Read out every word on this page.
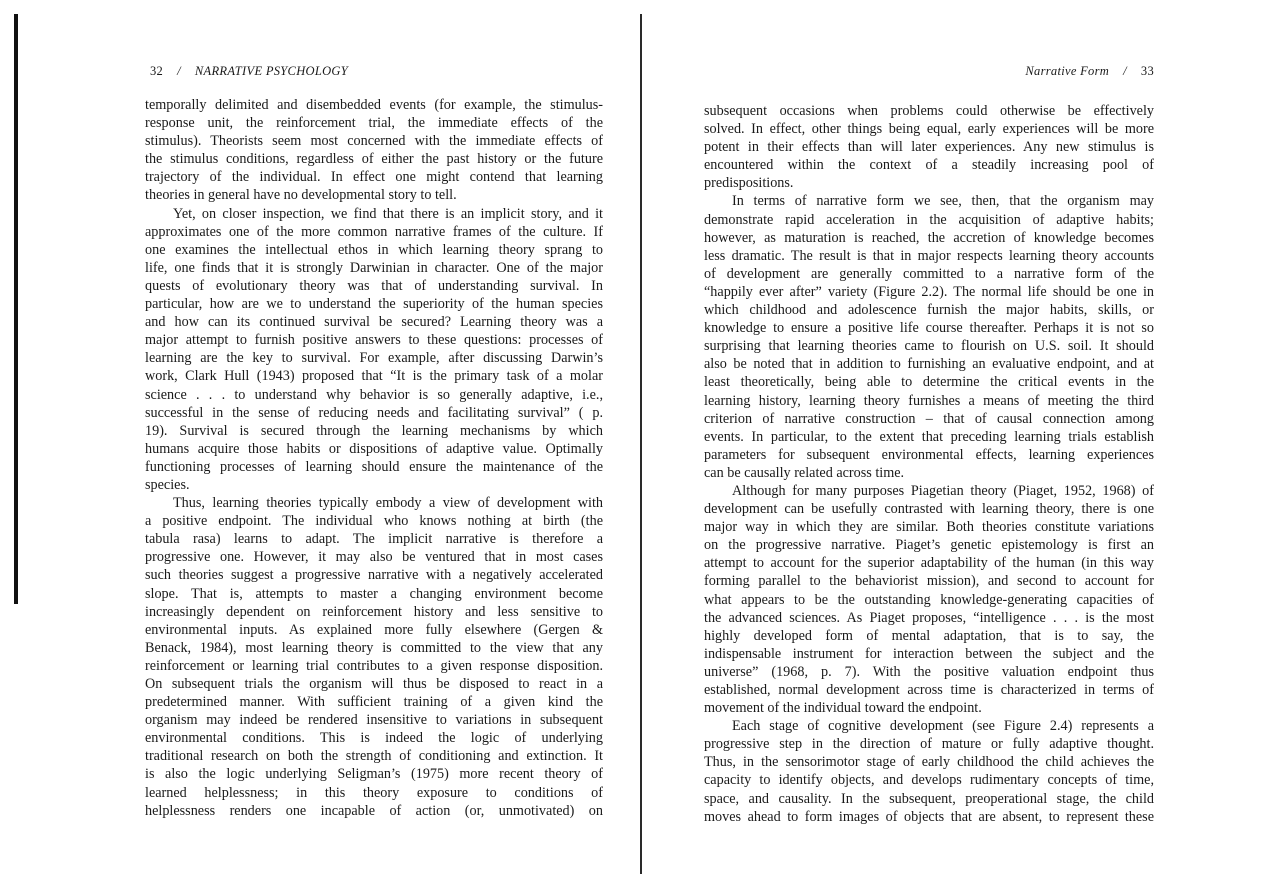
32 / NARRATIVE PSYCHOLOGY
temporally delimited and disembedded events (for example, the stimulus-
response unit, the reinforcement trial, the immediate effects of the
stimulus). Theorists seem most concerned with the immediate effects of
the stimulus conditions, regardless of either the past history or the future
trajectory of the individual. In effect one might contend that learning
theories in general have no developmental story to tell.
Yet, on closer inspection, we find that there is an implicit story, and it
approximates one of the more common narrative frames of the culture. If
one examines the intellectual ethos in which learning theory sprang to
life, one finds that it is strongly Darwinian in character. One of the major
quests of evolutionary theory was that of understanding survival. In
particular, how are we to understand the superiority of the human species
and how can its continued survival be secured? Learning theory was a
major attempt to furnish positive answers to these questions: processes of
learning are the key to survival. For example, after discussing Darwin’s
work, Clark Hull (1943) proposed that “It is the primary task of a molar
science . . . to understand why behavior is so generally adaptive, i.e.,
successful in the sense of reducing needs and facilitating survival” ( p.
19). Survival is secured through the learning mechanisms by which
humans acquire those habits or dispositions of adaptive value. Optimally
functioning processes of learning should ensure the maintenance of the
species.
Thus, learning theories typically embody a view of development with
a positive endpoint. The individual who knows nothing at birth (the
tabula rasa) learns to adapt. The implicit narrative is therefore a
progressive one. However, it may also be ventured that in most cases
such theories suggest a progressive narrative with a negatively accelerated
slope. That is, attempts to master a changing environment become
increasingly dependent on reinforcement history and less sensitive to
environmental inputs. As explained more fully elsewhere (Gergen &
Benack, 1984), most learning theory is committed to the view that any
reinforcement or learning trial contributes to a given response disposition.
On subsequent trials the organism will thus be disposed to react in a
predetermined manner. With sufficient training of a given kind the
organism may indeed be rendered insensitive to variations in subsequent
environmental conditions. This is indeed the logic of underlying
traditional research on both the strength of conditioning and extinction. It
is also the logic underlying Seligman’s (1975) more recent theory of
learned helplessness; in this theory exposure to conditions of
helplessness renders one incapable of action (or, unmotivated) on
Narrative Form / 33
subsequent occasions when problems could otherwise be effectively
solved. In effect, other things being equal, early experiences will be more
potent in their effects than will later experiences. Any new stimulus is
encountered within the context of a steadily increasing pool of
predispositions.
In terms of narrative form we see, then, that the organism may
demonstrate rapid acceleration in the acquisition of adaptive habits;
however, as maturation is reached, the accretion of knowledge becomes
less dramatic. The result is that in major respects learning theory accounts
of development are generally committed to a narrative form of the
“happily ever after” variety (Figure 2.2). The normal life should be one in
which childhood and adolescence furnish the major habits, skills, or
knowledge to ensure a positive life course thereafter. Perhaps it is not so
surprising that learning theories came to flourish on U.S. soil. It should
also be noted that in addition to furnishing an evaluative endpoint, and at
least theoretically, being able to determine the critical events in the
learning history, learning theory furnishes a means of meeting the third
criterion of narrative construction – that of causal connection among
events. In particular, to the extent that preceding learning trials establish
parameters for subsequent environmental effects, learning experiences
can be causally related across time.
Although for many purposes Piagetian theory (Piaget, 1952, 1968) of
development can be usefully contrasted with learning theory, there is one
major way in which they are similar. Both theories constitute variations
on the progressive narrative. Piaget’s genetic epistemology is first an
attempt to account for the superior adaptability of the human (in this way
forming parallel to the behaviorist mission), and second to account for
what appears to be the outstanding knowledge-generating capacities of
the advanced sciences. As Piaget proposes, “intelligence . . . is the most
highly developed form of mental adaptation, that is to say, the
indispensable instrument for interaction between the subject and the
universe” (1968, p. 7). With the positive valuation endpoint thus
established, normal development across time is characterized in terms of
movement of the individual toward the endpoint.
Each stage of cognitive development (see Figure 2.4) represents a
progressive step in the direction of mature or fully adaptive thought.
Thus, in the sensorimotor stage of early childhood the child achieves the
capacity to identify objects, and develops rudimentary concepts of time,
space, and causality. In the subsequent, preoperational stage, the child
moves ahead to form images of objects that are absent, to represent these
